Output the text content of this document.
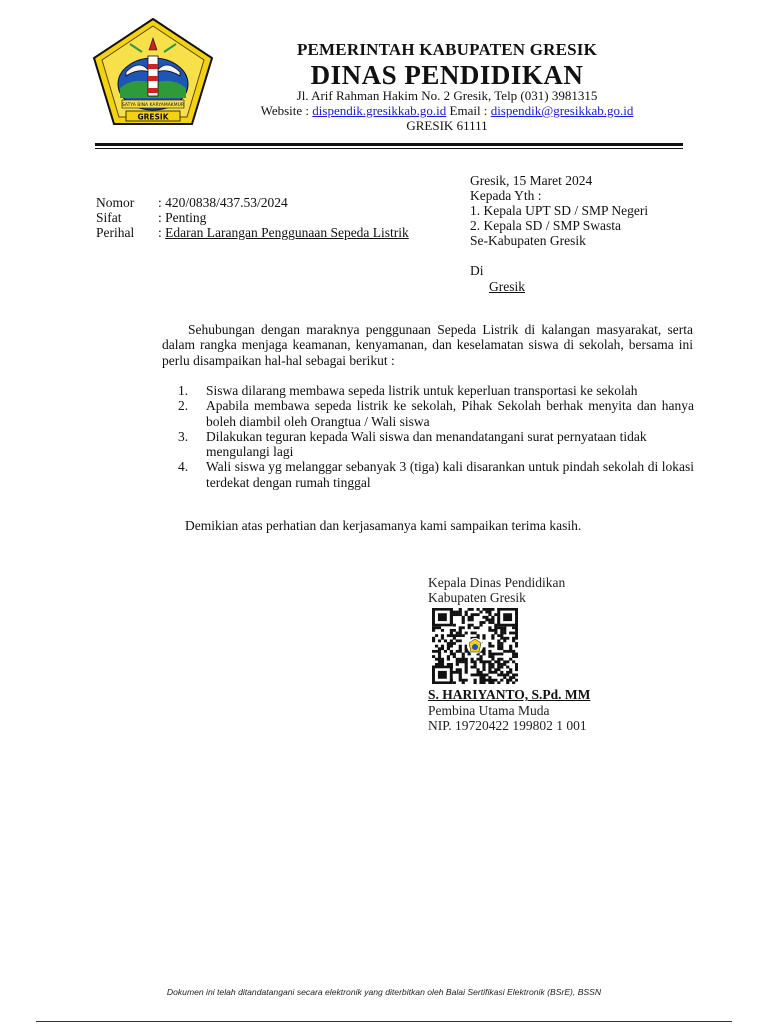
SATYA BINA KARYAMAKMUR
GRESIK
PEMERINTAH KABUPATEN GRESIK
DINAS PENDIDIKAN
Jl. Arif Rahman Hakim No. 2 Gresik, Telp (031) 3981315
Website : dispendik.gresikkab.go.id Email : dispendik@gresikkab.go.id
GRESIK 61111
Nomor	: 420/0838/437.53/2024
Sifat	: Penting
Perihal	: Edaran Larangan Penggunaan Sepeda Listrik
Gresik, 15 Maret 2024
Kepada Yth :
1. Kepala UPT SD / SMP Negeri
2. Kepala SD / SMP Swasta
Se-Kabupaten Gresik
Di
Gresik
Sehubungan dengan maraknya penggunaan Sepeda Listrik di kalangan masyarakat, serta dalam rangka menjaga keamanan, kenyamanan, dan keselamatan siswa di sekolah, bersama ini perlu disampaikan hal-hal sebagai berikut :
1.	Siswa dilarang membawa sepeda listrik untuk keperluan transportasi ke sekolah
2.	Apabila membawa sepeda listrik ke sekolah, Pihak Sekolah berhak menyita dan hanya boleh diambil oleh Orangtua / Wali siswa
3.	Dilakukan teguran kepada Wali siswa dan menandatangani surat pernyataan tidak
mengulangi lagi
4.	Wali siswa yg melanggar sebanyak 3 (tiga) kali disarankan untuk pindah sekolah di lokasi terdekat dengan rumah tinggal
Demikian atas perhatian dan kerjasamanya kami sampaikan terima kasih.
Kepala Dinas Pendidikan
Kabupaten Gresik
S. HARIYANTO, S.Pd. MM
Pembina Utama Muda
NIP. 19720422 199802 1 001
Dokumen ini telah ditandatangani secara elektronik yang diterbitkan oleh Balai Sertifikasi Elektronik (BSrE), BSSN
